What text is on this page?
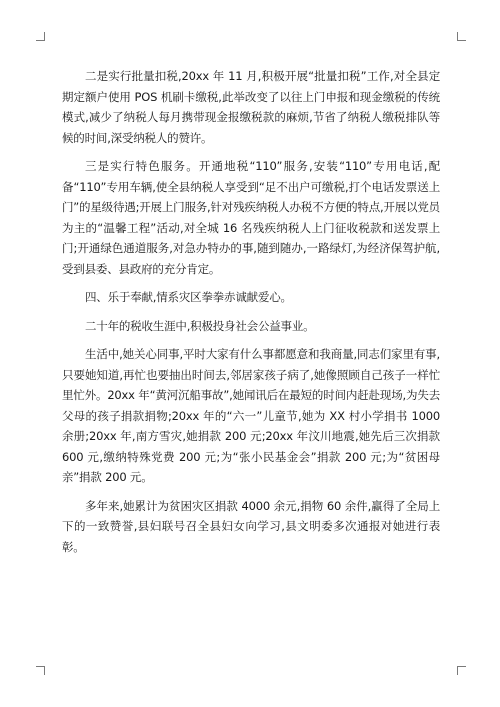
二是实行批量扣税,20xx 年 11 月,积极开展“批量扣税”工作,对全县定期定额户使用 POS 机刷卡缴税,此举改变了以往上门申报和现金缴税的传统模式,减少了纳税人每月携带现金报缴税款的麻烦,节省了纳税人缴税排队等候的时间,深受纳税人的赞许。

三是实行特色服务。开通地税“110”服务,安装“110”专用电话,配备“110”专用车辆,使全县纳税人享受到“足不出户可缴税,打个电话发票送上门”的星级待遇;开展上门服务,针对残疾纳税人办税不方便的特点,开展以党员为主的“温馨工程”活动,对全城 16 名残疾纳税人上门征收税款和送发票上门;开通绿色通道服务,对急办特办的事,随到随办,一路绿灯,为经济保驾护航,受到县委、县政府的充分肯定。

四、乐于奉献,情系灾区拳拳赤诚献爱心。

二十年的税收生涯中,积极投身社会公益事业。

生活中,她关心同事,平时大家有什么事都愿意和我商量,同志们家里有事,只要她知道,再忙也要抽出时间去,邻居家孩子病了,她像照顾自己孩子一样忙里忙外。20xx 年“黄河沉船事故”,她闻讯后在最短的时间内赶赴现场,为失去父母的孩子捐款捐物;20xx 年的“六一”儿童节,她为 XX 村小学捐书 1000 余册;20xx 年,南方雪灾,她捐款 200 元;20xx 年汶川地震,她先后三次捐款 600 元,缴纳特殊党费 200 元;为“张小民基金会”捐款 200 元;为“贫困母亲”捐款 200 元。

多年来,她累计为贫困灾区捐款 4000 余元,捐物 60 余件,赢得了全局上下的一致赞誉,县妇联号召全县妇女向学习,县文明委多次通报对她进行表彰。
